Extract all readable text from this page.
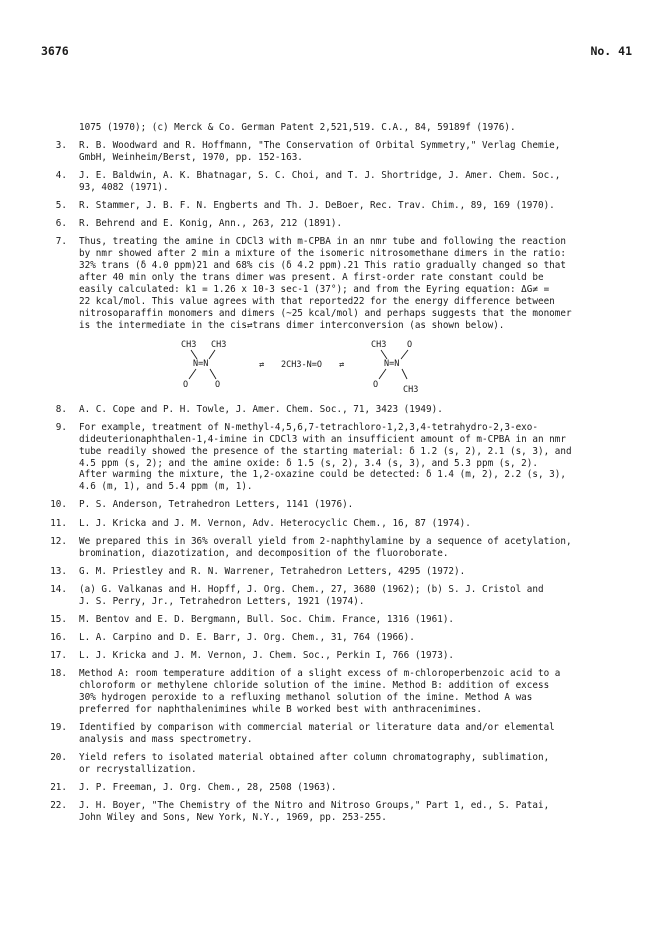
3676	No. 41
1075 (1970); (c) Merck & Co. German Patent 2,521,519. C.A., 84, 59189f (1976).
3. R. B. Woodward and R. Hoffmann, "The Conservation of Orbital Symmetry," Verlag Chemie,
GmbH, Weinheim/Berst, 1970, pp. 152-163.
4. J. E. Baldwin, A. K. Bhatnagar, S. C. Choi, and T. J. Shortridge, J. Amer. Chem. Soc.,
93, 4082 (1971).
5. R. Stammer, J. B. F. N. Engberts and Th. J. DeBoer, Rec. Trav. Chim., 89, 169 (1970).
6. R. Behrend and E. Konig, Ann., 263, 212 (1891).
7. Thus, treating the amine in CDCl3 with m-CPBA in an nmr tube and following the reaction
by nmr showed after 2 min a mixture of the isomeric nitrosomethane dimers in the ratio:
32% trans (δ 4.0 ppm)21 and 68% cis (δ 4.2 ppm).21 This ratio gradually changed so that
after 40 min only the trans dimer was present. A first-order rate constant could be
easily calculated: k1 = 1.26 x 10-3 sec-1 (37°); and from the Eyring equation: ΔG≠ =
22 kcal/mol. This value agrees with that reported22 for the energy difference between
nitrosoparaffin monomers and dimers (~25 kcal/mol) and perhaps suggests that the monomer
is the intermediate in the cis⇄trans dimer interconversion (as shown below).
CH3 CH3
N=N
O	O
⇄ 2CH3-N=O ⇄
CH3 O
N=N
O	CH3
8. A. C. Cope and P. H. Towle, J. Amer. Chem. Soc., 71, 3423 (1949).
9. For example, treatment of N-methyl-4,5,6,7-tetrachloro-1,2,3,4-tetrahydro-2,3-exo-
dideuterionaphthalen-1,4-imine in CDCl3 with an insufficient amount of m-CPBA in an nmr
tube readily showed the presence of the starting material: δ 1.2 (s, 2), 2.1 (s, 3), and
4.5 ppm (s, 2); and the amine oxide: δ 1.5 (s, 2), 3.4 (s, 3), and 5.3 ppm (s, 2).
After warming the mixture, the 1,2-oxazine could be detected: δ 1.4 (m, 2), 2.2 (s, 3),
4.6 (m, 1), and 5.4 ppm (m, 1).
10. P. S. Anderson, Tetrahedron Letters, 1141 (1976).
11. L. J. Kricka and J. M. Vernon, Adv. Heterocyclic Chem., 16, 87 (1974).
12. We prepared this in 36% overall yield from 2-naphthylamine by a sequence of acetylation,
bromination, diazotization, and decomposition of the fluoroborate.
13. G. M. Priestley and R. N. Warrener, Tetrahedron Letters, 4295 (1972).
14. (a) G. Valkanas and H. Hopff, J. Org. Chem., 27, 3680 (1962); (b) S. J. Cristol and
J. S. Perry, Jr., Tetrahedron Letters, 1921 (1974).
15. M. Bentov and E. D. Bergmann, Bull. Soc. Chim. France, 1316 (1961).
16. L. A. Carpino and D. E. Barr, J. Org. Chem., 31, 764 (1966).
17. L. J. Kricka and J. M. Vernon, J. Chem. Soc., Perkin I, 766 (1973).
18. Method A: room temperature addition of a slight excess of m-chloroperbenzoic acid to a
chloroform or methylene chloride solution of the imine. Method B: addition of excess
30% hydrogen peroxide to a refluxing methanol solution of the imine. Method A was
preferred for naphthalenimines while B worked best with anthracenimines.
19. Identified by comparison with commercial material or literature data and/or elemental
analysis and mass spectrometry.
20. Yield refers to isolated material obtained after column chromatography, sublimation,
or recrystallization.
21. J. P. Freeman, J. Org. Chem., 28, 2508 (1963).
22. J. H. Boyer, "The Chemistry of the Nitro and Nitroso Groups," Part 1, ed., S. Patai,
John Wiley and Sons, New York, N.Y., 1969, pp. 253-255.
